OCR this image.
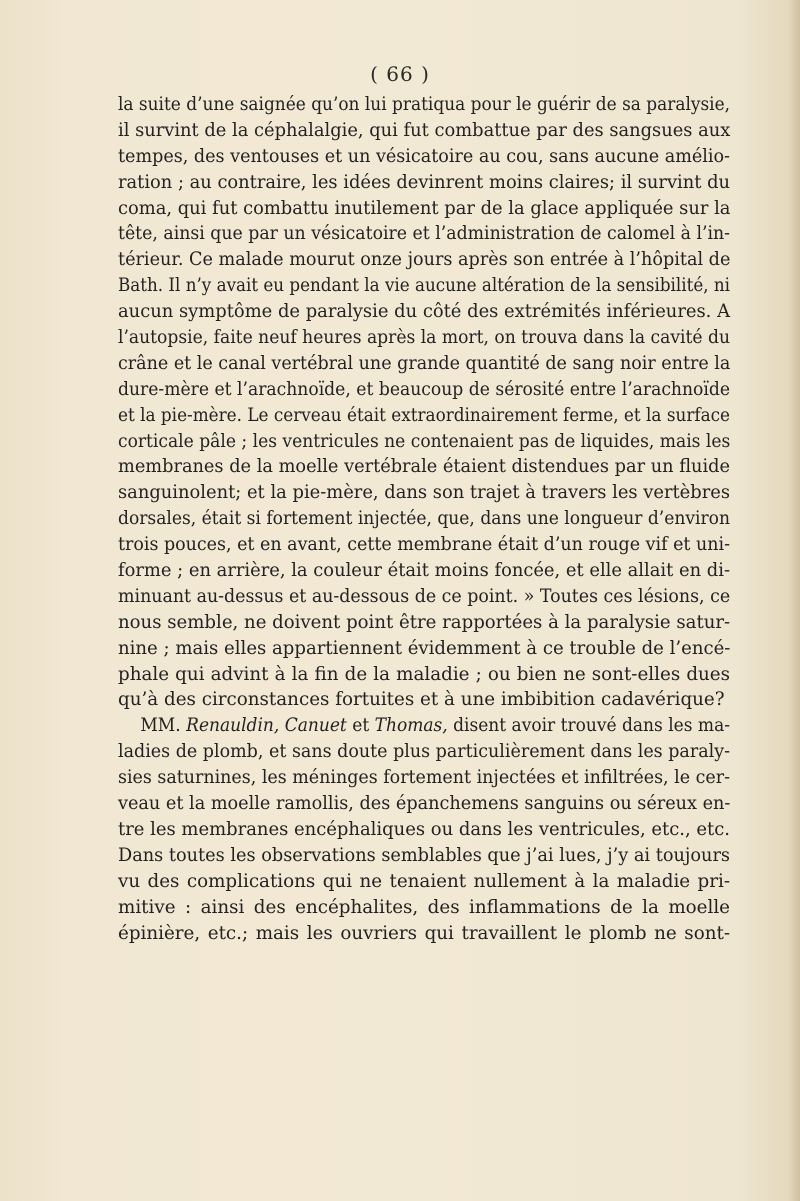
( 66 )
la suite d’une saignée qu’on lui pratiqua pour le guérir de sa paralysie,
il survint de la céphalalgie, qui fut combattue par des sangsues aux
tempes, des ventouses et un vésicatoire au cou, sans aucune amélio-
ration ; au contraire, les idées devinrent moins claires; il survint du
coma, qui fut combattu inutilement par de la glace appliquée sur la
tête, ainsi que par un vésicatoire et l’administration de calomel à l’in-
térieur. Ce malade mourut onze jours après son entrée à l’hôpital de
Bath. Il n’y avait eu pendant la vie aucune altération de la sensibilité, ni
aucun symptôme de paralysie du côté des extrémités inférieures. A
l’autopsie, faite neuf heures après la mort, on trouva dans la cavité du
crâne et le canal vertébral une grande quantité de sang noir entre la
dure-mère et l’arachnoïde, et beaucoup de sérosité entre l’arachnoïde
et la pie-mère. Le cerveau était extraordinairement ferme, et la surface
corticale pâle ; les ventricules ne contenaient pas de liquides, mais les
membranes de la moelle vertébrale étaient distendues par un fluide
sanguinolent; et la pie-mère, dans son trajet à travers les vertèbres
dorsales, était si fortement injectée, que, dans une longueur d’environ
trois pouces, et en avant, cette membrane était d’un rouge vif et uni-
forme ; en arrière, la couleur était moins foncée, et elle allait en di-
minuant au-dessus et au-dessous de ce point. » Toutes ces lésions, ce
nous semble, ne doivent point être rapportées à la paralysie satur-
nine ; mais elles appartiennent évidemment à ce trouble de l’encé-
phale qui advint à la fin de la maladie ; ou bien ne sont-elles dues
qu’à des circonstances fortuites et à une imbibition cadavérique?
MM. Renauldin, Canuet et Thomas, disent avoir trouvé dans les ma-
ladies de plomb, et sans doute plus particulièrement dans les paraly-
sies saturnines, les méninges fortement injectées et infiltrées, le cer-
veau et la moelle ramollis, des épanchemens sanguins ou séreux en-
tre les membranes encéphaliques ou dans les ventricules, etc., etc.
Dans toutes les observations semblables que j’ai lues, j’y ai toujours
vu des complications qui ne tenaient nullement à la maladie pri-
mitive : ainsi des encéphalites, des inflammations de la moelle
épinière, etc.; mais les ouvriers qui travaillent le plomb ne sont-
